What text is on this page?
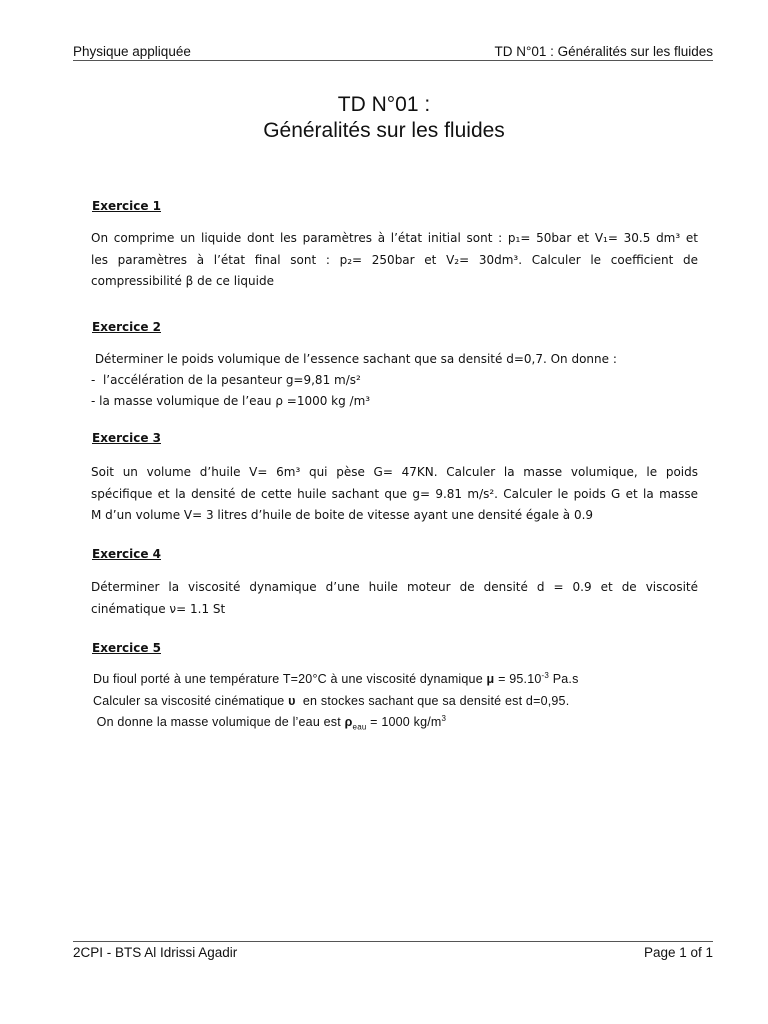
Physique appliquée	TD N°01 : Généralités sur les fluides
TD N°01 :
Généralités sur les fluides
Exercice 1
On comprime un liquide dont les paramètres à l’état initial sont : p₁= 50bar et V₁= 30.5 dm³ et
les paramètres à l’état final sont : p₂= 250bar et V₂= 30dm³. Calculer le coefficient de
compressibilité β de ce liquide
Exercice 2
Déterminer le poids volumique de l’essence sachant que sa densité d=0,7. On donne :
-  l’accélération de la pesanteur g=9,81 m/s²
- la masse volumique de l’eau ρ =1000 kg /m³
Exercice 3
Soit un volume d’huile V= 6m³ qui pèse G= 47KN. Calculer la masse volumique, le poids
spécifique et la densité de cette huile sachant que g= 9.81 m/s². Calculer le poids G et la masse
M d’un volume V= 3 litres d’huile de boite de vitesse ayant une densité égale à 0.9
Exercice 4
Déterminer la viscosité dynamique d’une huile moteur de densité d = 0.9 et de viscosité
cinématique ν= 1.1 St
Exercice 5
Du fioul porté à une température T=20°C à une viscosité dynamique $\mu = 95.10^{-3}$ Pa.s
Calculer sa viscosité cinématique υ  en stockes sachant que sa densité est d=0,95.
On donne la masse volumique de l’eau est $\rho_{eau} = 1000$ $kg/m^3$
2CPI - BTS Al Idrissi Agadir	Page 1 of 1
